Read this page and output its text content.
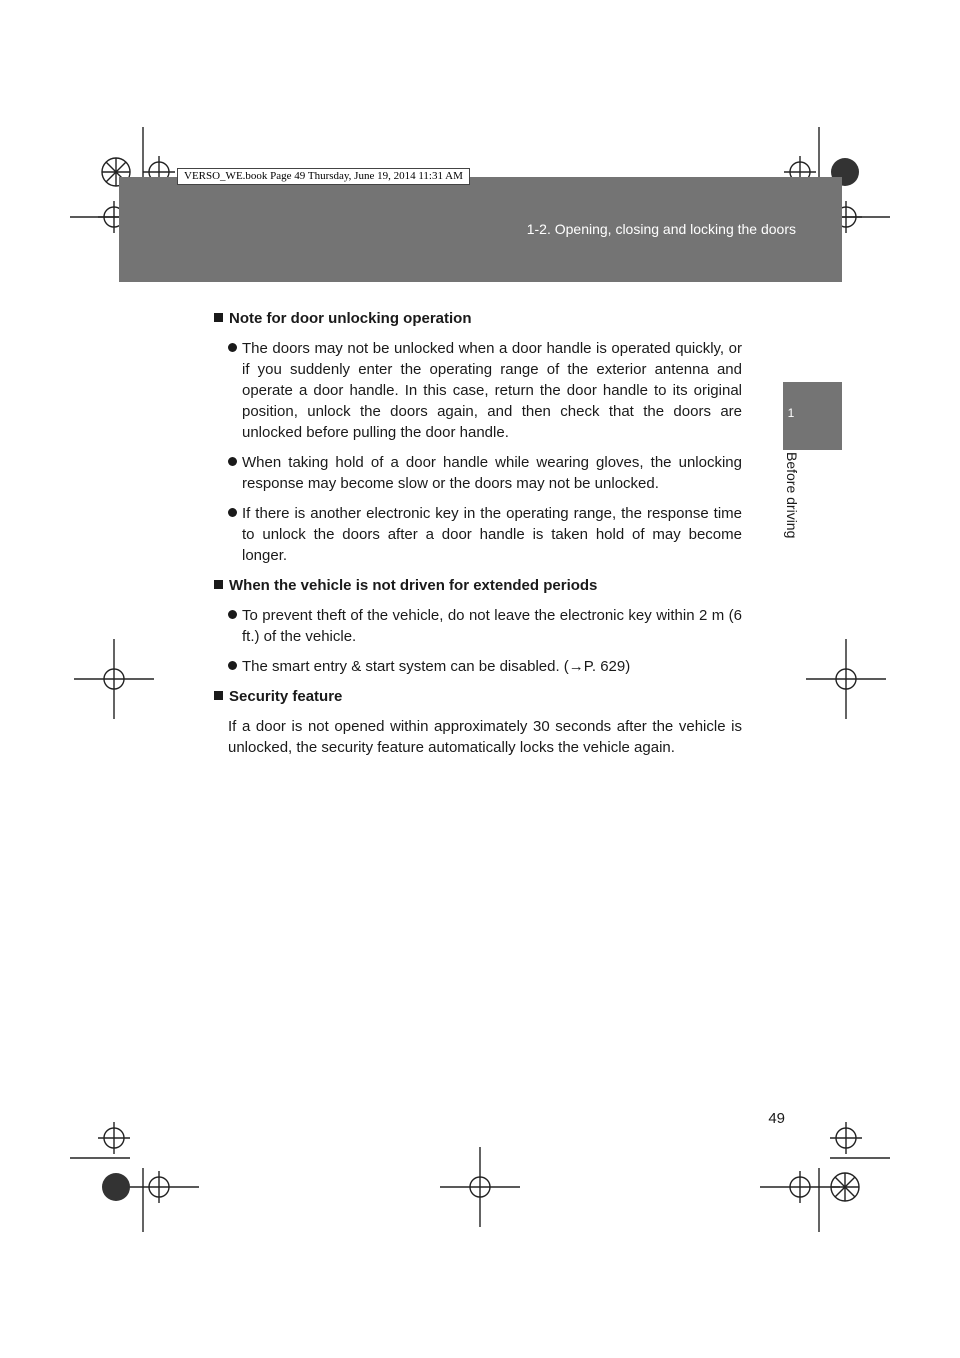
VERSO_WE.book Page 49 Thursday, June 19, 2014 11:31 AM
1-2. Opening, closing and locking the doors
1
Before driving
Note for door unlocking operation
The doors may not be unlocked when a door handle is operated quickly, or if you suddenly enter the operating range of the exterior antenna and operate a door handle. In this case, return the door handle to its original position, unlock the doors again, and then check that the doors are unlocked before pulling the door handle.
When taking hold of a door handle while wearing gloves, the unlocking response may become slow or the doors may not be unlocked.
If there is another electronic key in the operating range, the response time to unlock the doors after a door handle is taken hold of may become longer.
When the vehicle is not driven for extended periods
To prevent theft of the vehicle, do not leave the electronic key within 2 m (6 ft.) of the vehicle.
The smart entry & start system can be disabled. (→P. 629)
Security feature
If a door is not opened within approximately 30 seconds after the vehicle is unlocked, the security feature automatically locks the vehicle again.
49
